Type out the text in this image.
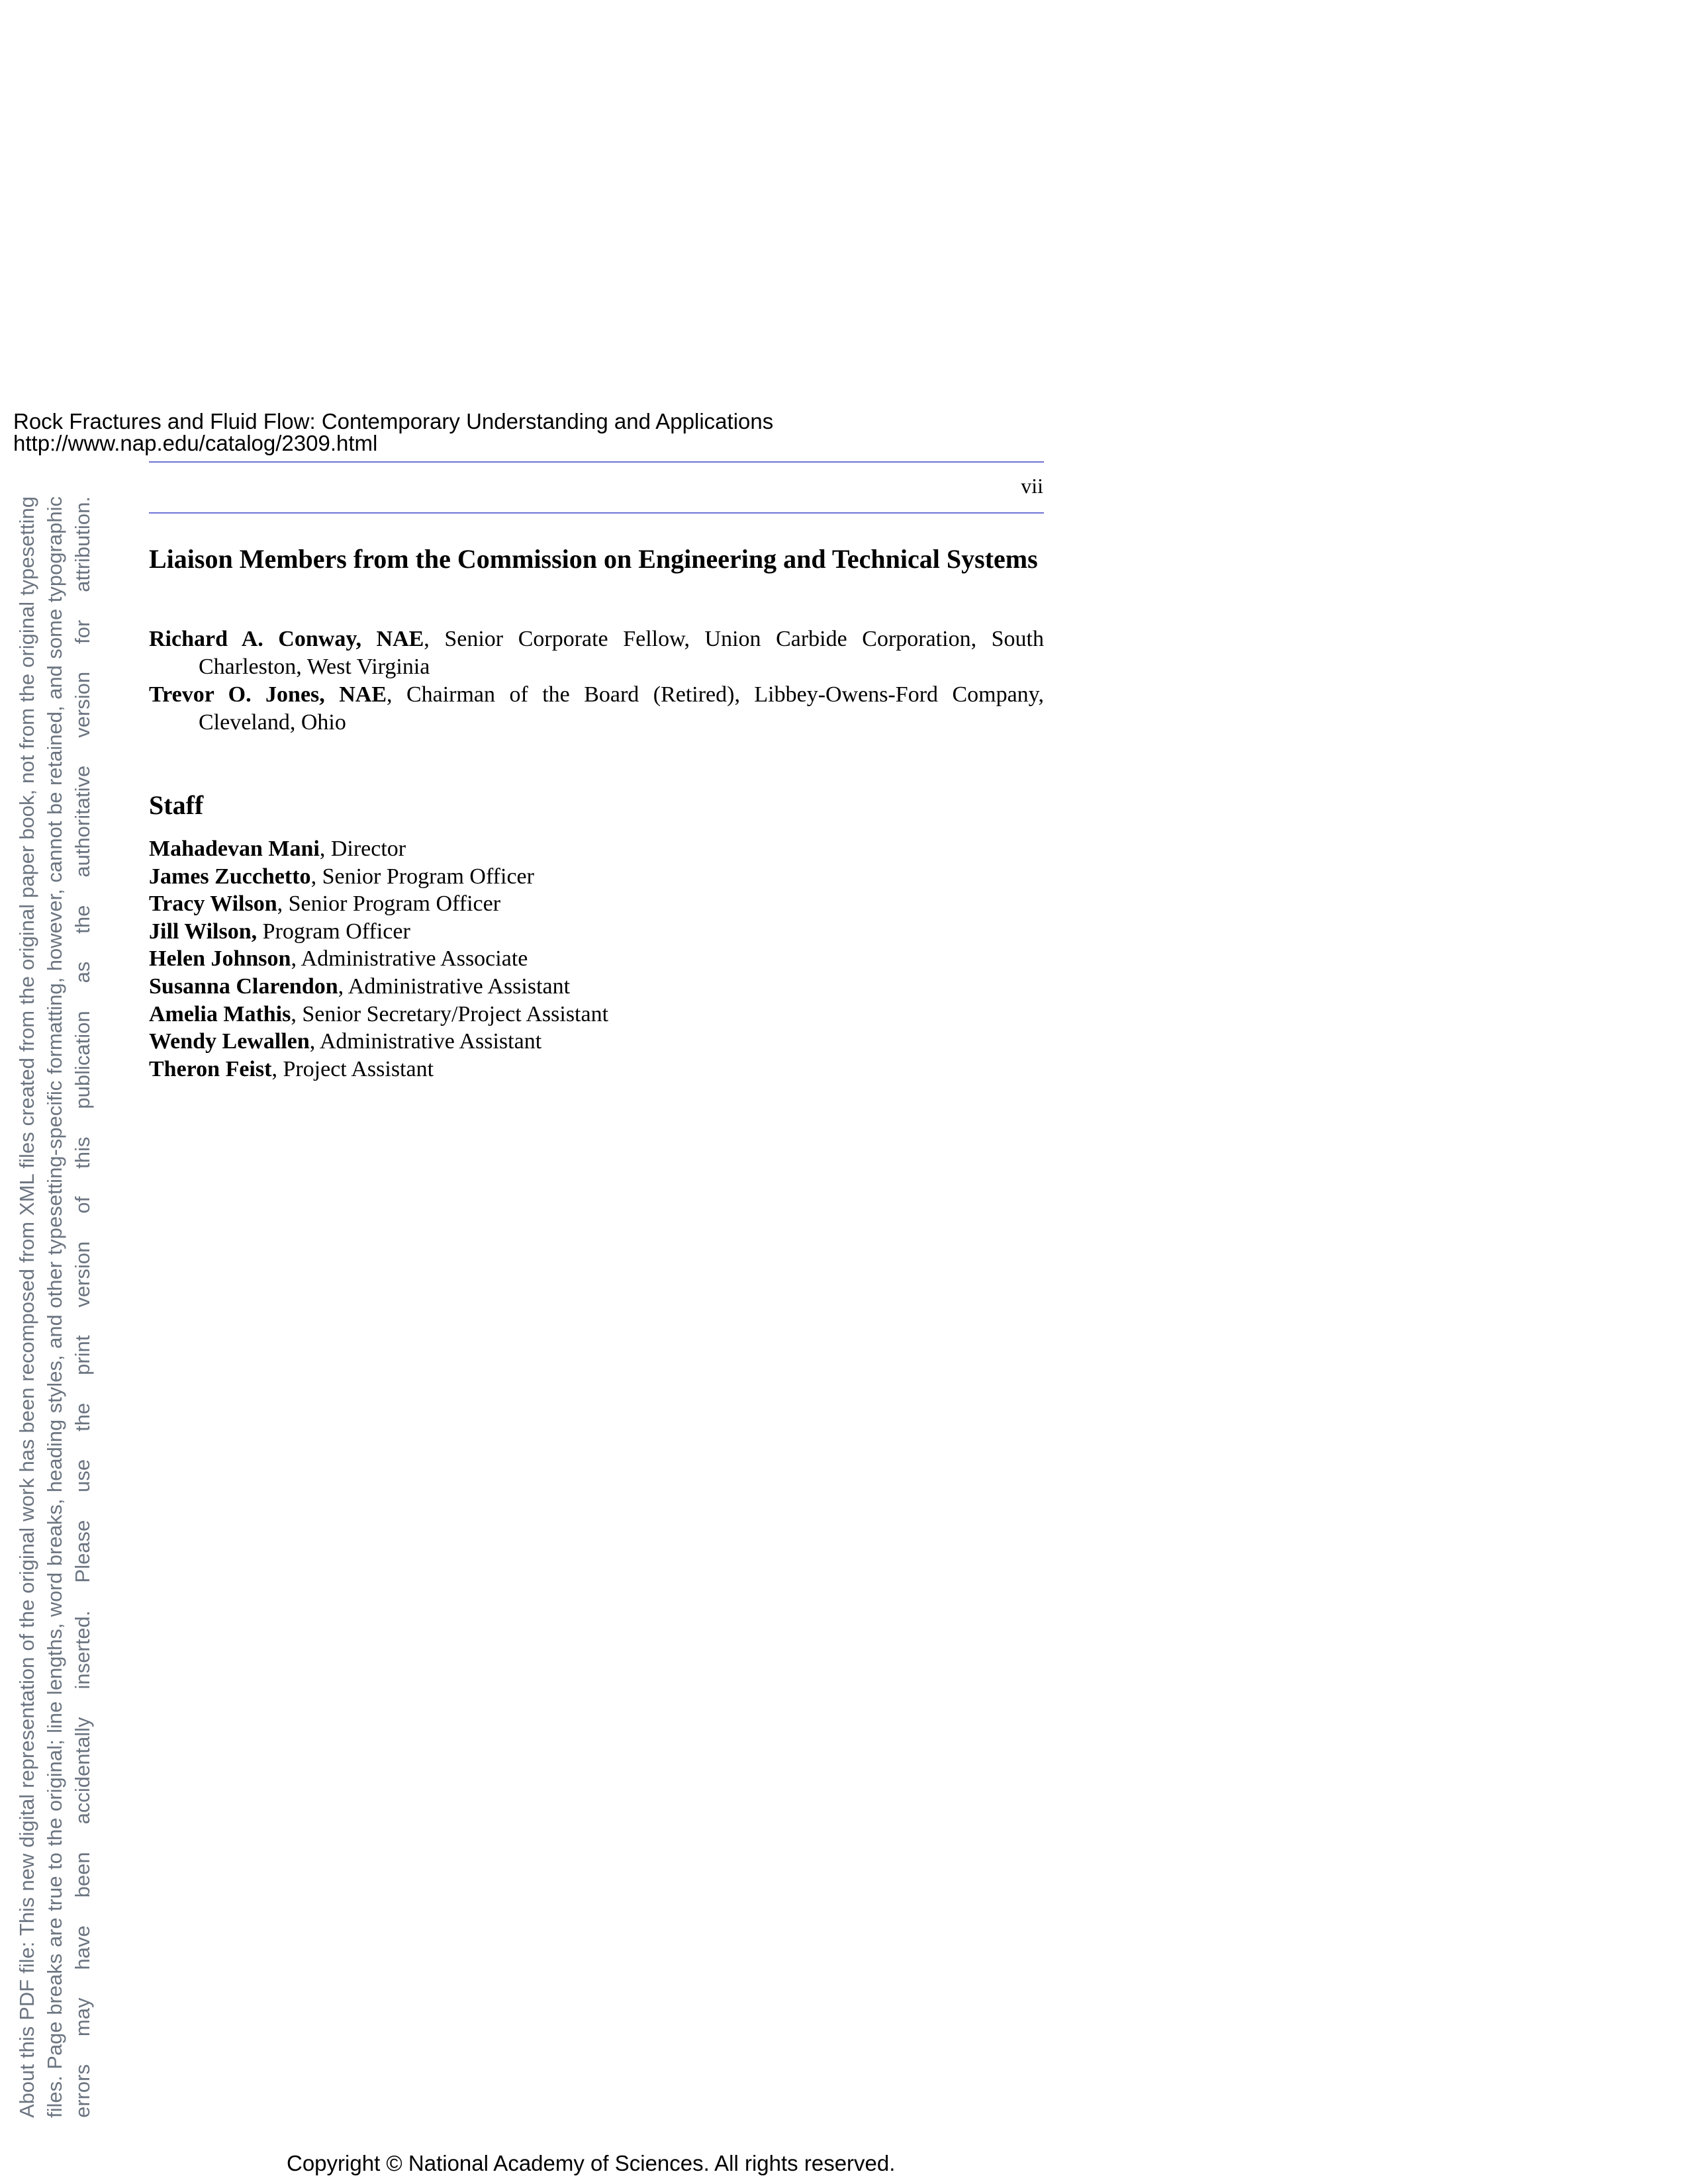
Rock Fractures and Fluid Flow: Contemporary Understanding and Applications
http://www.nap.edu/catalog/2309.html
vii
Liaison Members from the Commission on Engineering and Technical Systems

Richard A. Conway, NAE, Senior Corporate Fellow, Union Carbide Corporation, South Charleston, West Virginia

Trevor O. Jones, NAE, Chairman of the Board (Retired), Libbey-Owens-Ford Company, Cleveland, Ohio

Staff

Mahadevan Mani, Director

James Zucchetto, Senior Program Officer

Tracy Wilson, Senior Program Officer

Jill Wilson, Program Officer

Helen Johnson, Administrative Associate

Susanna Clarendon, Administrative Assistant

Amelia Mathis, Senior Secretary/Project Assistant

Wendy Lewallen, Administrative Assistant

Theron Feist, Project Assistant

About this PDF file: This new digital representation of the original work has been recomposed from XML files created from the original paper book, not from the original typesetting files. Page breaks are true to the original; line lengths, word breaks, heading styles, and other typesetting-specific formatting, however, cannot be retained, and some typographic errors may have been accidentally inserted. Please use the print version of this publication as the authoritative version for attribution.

Copyright © National Academy of Sciences. All rights reserved.
